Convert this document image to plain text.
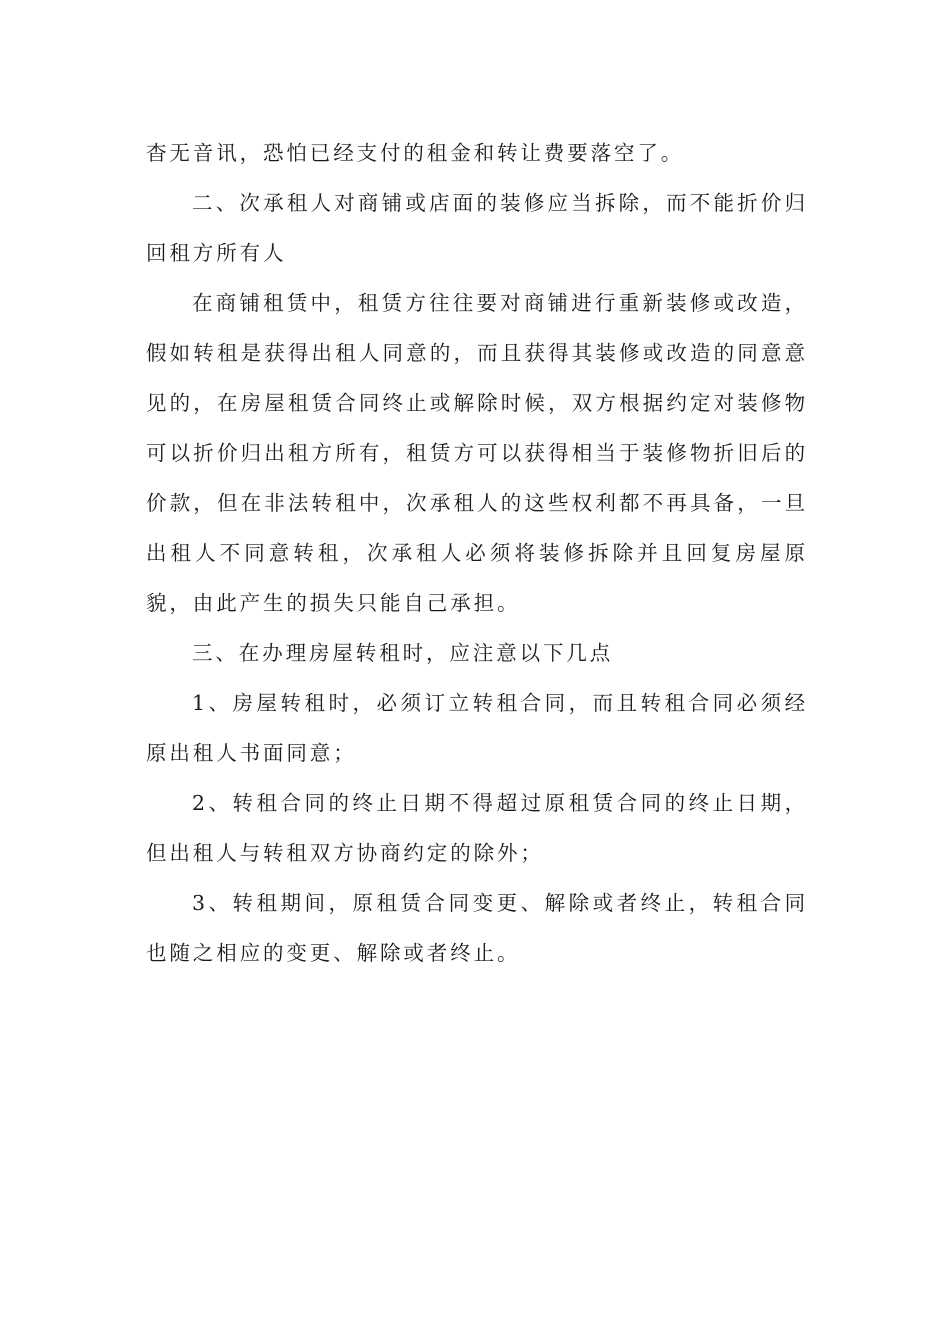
杳无音讯，恐怕已经支付的租金和转让费要落空了。

二、次承租人对商铺或店面的装修应当拆除，而不能折价归回租方所有人

在商铺租赁中，租赁方往往要对商铺进行重新装修或改造，假如转租是获得出租人同意的，而且获得其装修或改造的同意意见的，在房屋租赁合同终止或解除时候，双方根据约定对装修物可以折价归出租方所有，租赁方可以获得相当于装修物折旧后的价款，但在非法转租中，次承租人的这些权利都不再具备，一旦出租人不同意转租，次承租人必须将装修拆除并且回复房屋原貌，由此产生的损失只能自己承担。

三、在办理房屋转租时，应注意以下几点

1、房屋转租时，必须订立转租合同，而且转租合同必须经原出租人书面同意；

2、转租合同的终止日期不得超过原租赁合同的终止日期，但出租人与转租双方协商约定的除外；

3、转租期间，原租赁合同变更、解除或者终止，转租合同也随之相应的变更、解除或者终止。
